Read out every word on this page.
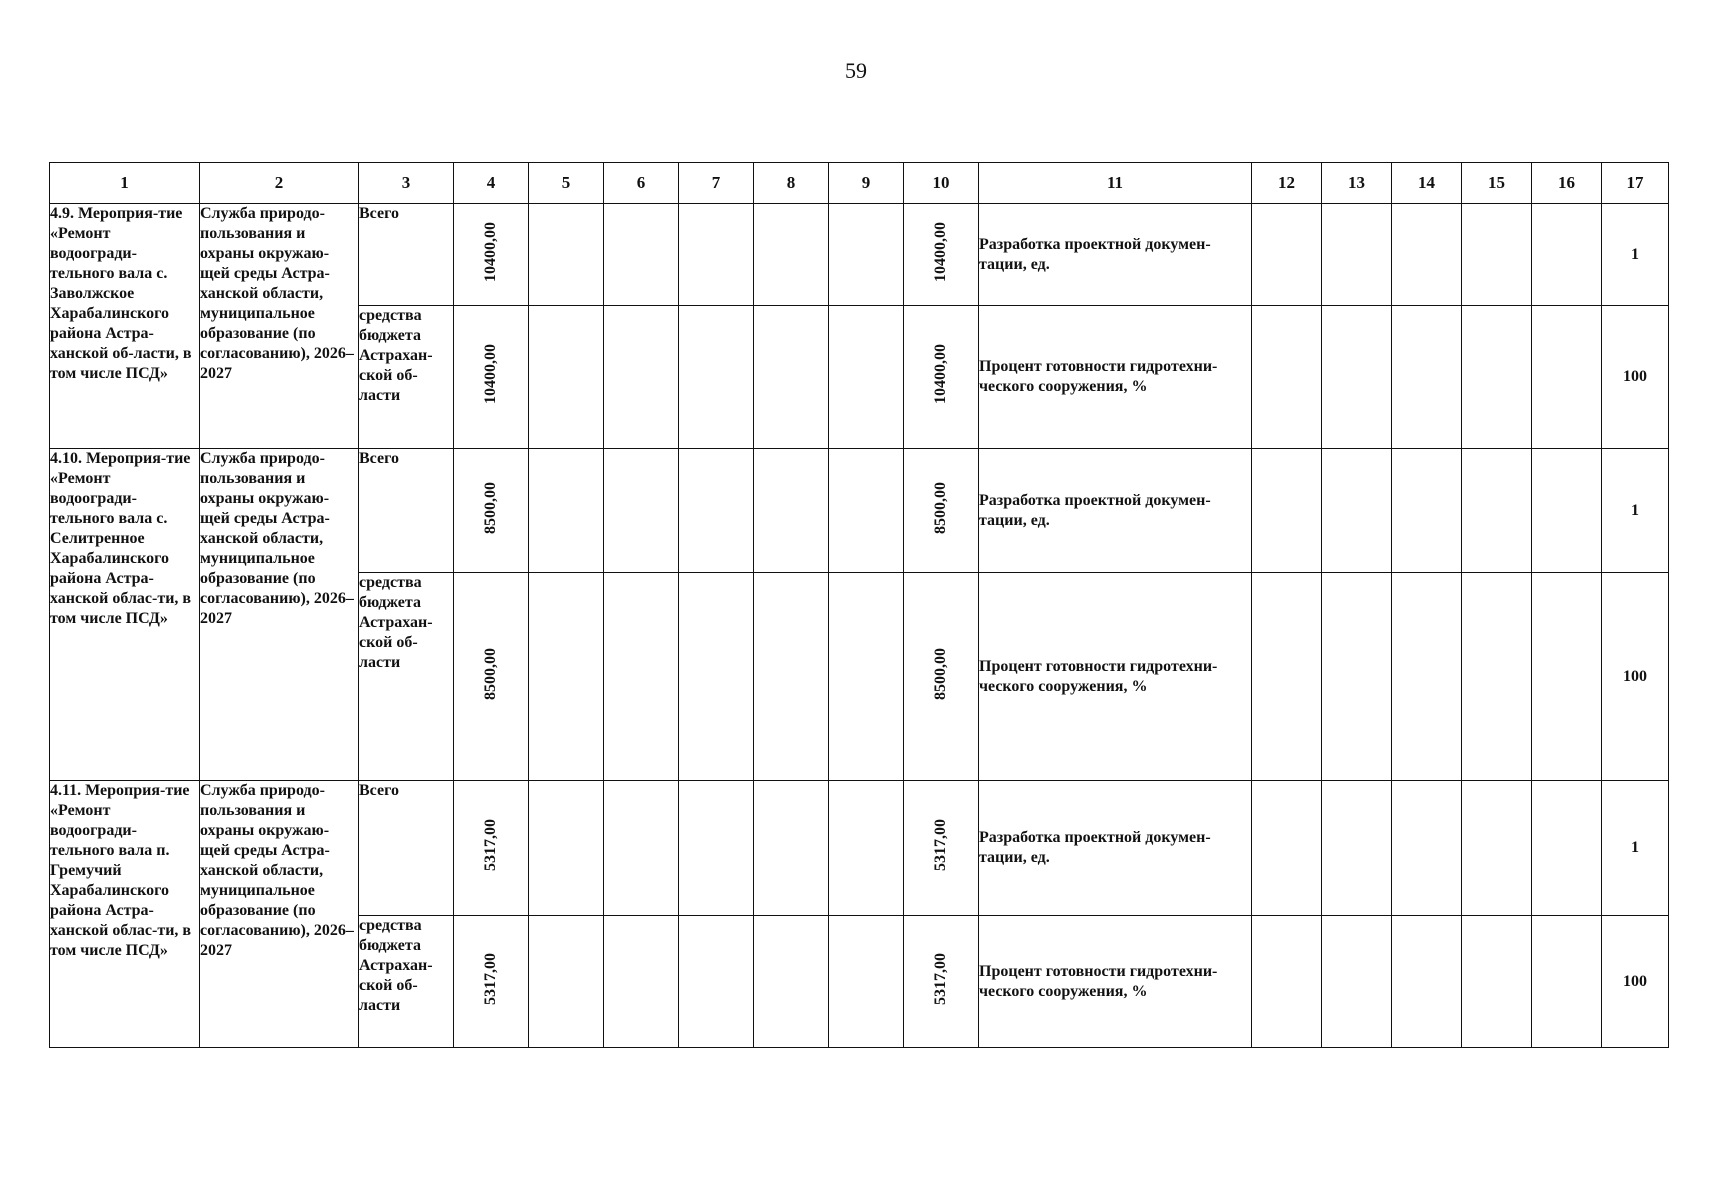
59
1	2	3	4	5	6	7	8	9	10	11	12	13	14	15	16	17
4.9. Мероприя-тие «Ремонт водоогради-тельного вала с. Заволжское Харабалинского района Астра-ханской об-ласти, в том числе ПСД»	Служба природо-пользования и охраны окружаю-щей среды Астра-ханской области, муниципальное образование (по согласованию), 2026–2027	Всего	10400,00						10400,00	Разработка проектной докумен-тации, ед.						1
		средства бюджета Астрахан-ской об-ласти	10400,00						10400,00	Процент готовности гидротехни-ческого сооружения, %						100
4.10. Мероприя-тие «Ремонт водоогради-тельного вала с. Селитренное Харабалинского района Астра-ханской облас-ти, в том числе ПСД»	Служба природо-пользования и охраны окружаю-щей среды Астра-ханской области, муниципальное образование (по согласованию), 2026–2027	Всего	8500,00						8500,00	Разработка проектной докумен-тации, ед.						1
		средства бюджета Астрахан-ской об-ласти	8500,00						8500,00	Процент готовности гидротехни-ческого сооружения, %						100
4.11. Мероприя-тие «Ремонт водоогради-тельного вала п. Гремучий Харабалинского района Астра-ханской облас-ти, в том числе ПСД»	Служба природо-пользования и охраны окружаю-щей среды Астра-ханской области, муниципальное образование (по согласованию), 2026–2027	Всего	5317,00						5317,00	Разработка проектной докумен-тации, ед.						1
		средства бюджета Астрахан-ской об-ласти	5317,00						5317,00	Процент готовности гидротехни-ческого сооружения, %						100
